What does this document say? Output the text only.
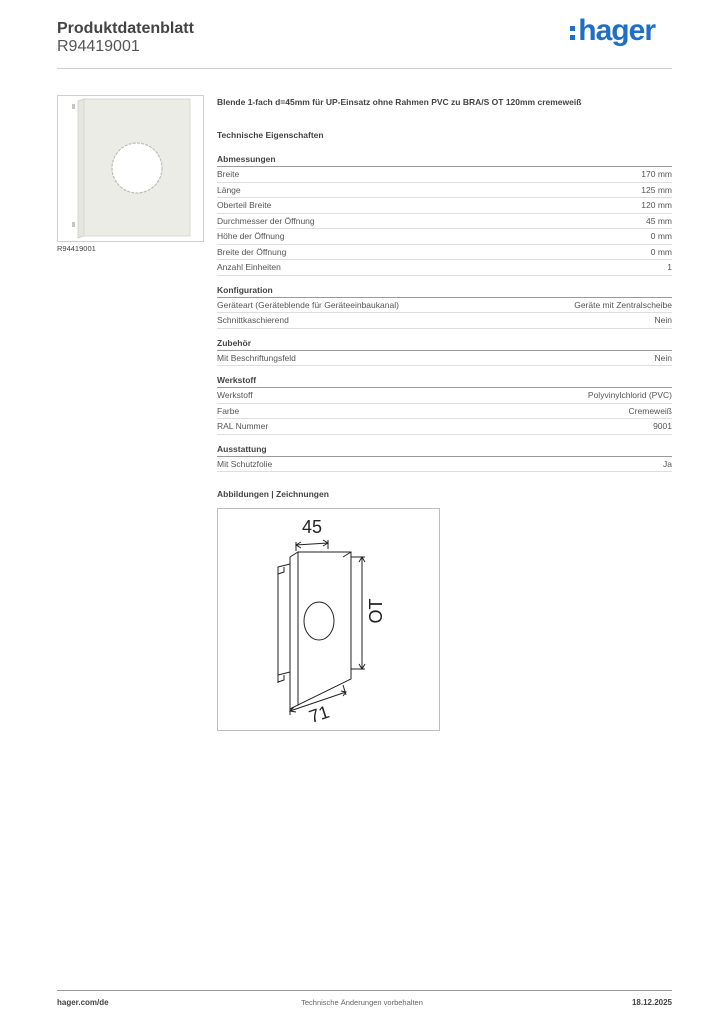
Produktdatenblatt
R94419001	hager
R94419001
Blende 1-fach d=45mm für UP-Einsatz ohne Rahmen PVC zu BRA/S OT 120mm cremeweiß
Technische Eigenschaften
Abmessungen
Breite	170 mm
Länge	125 mm
Oberteil Breite	120 mm
Durchmesser der Öffnung	45 mm
Höhe der Öffnung	0 mm
Breite der Öffnung	0 mm
Anzahl Einheiten	1
Konfiguration
Geräteart (Geräteblende für Geräteeinbaukanal)	Geräte mit Zentralscheibe
Schnittkaschierend	Nein
Zubehör
Mit Beschriftungsfeld	Nein
Werkstoff
Werkstoff	Polyvinylchlorid (PVC)
Farbe	Cremeweiß
RAL Nummer	9001
Ausstattung
Mit Schutzfolie	Ja
Abbildungen | Zeichnungen
45
OT
71
hager.com/de	Technische Änderungen vorbehalten	18.12.2025
